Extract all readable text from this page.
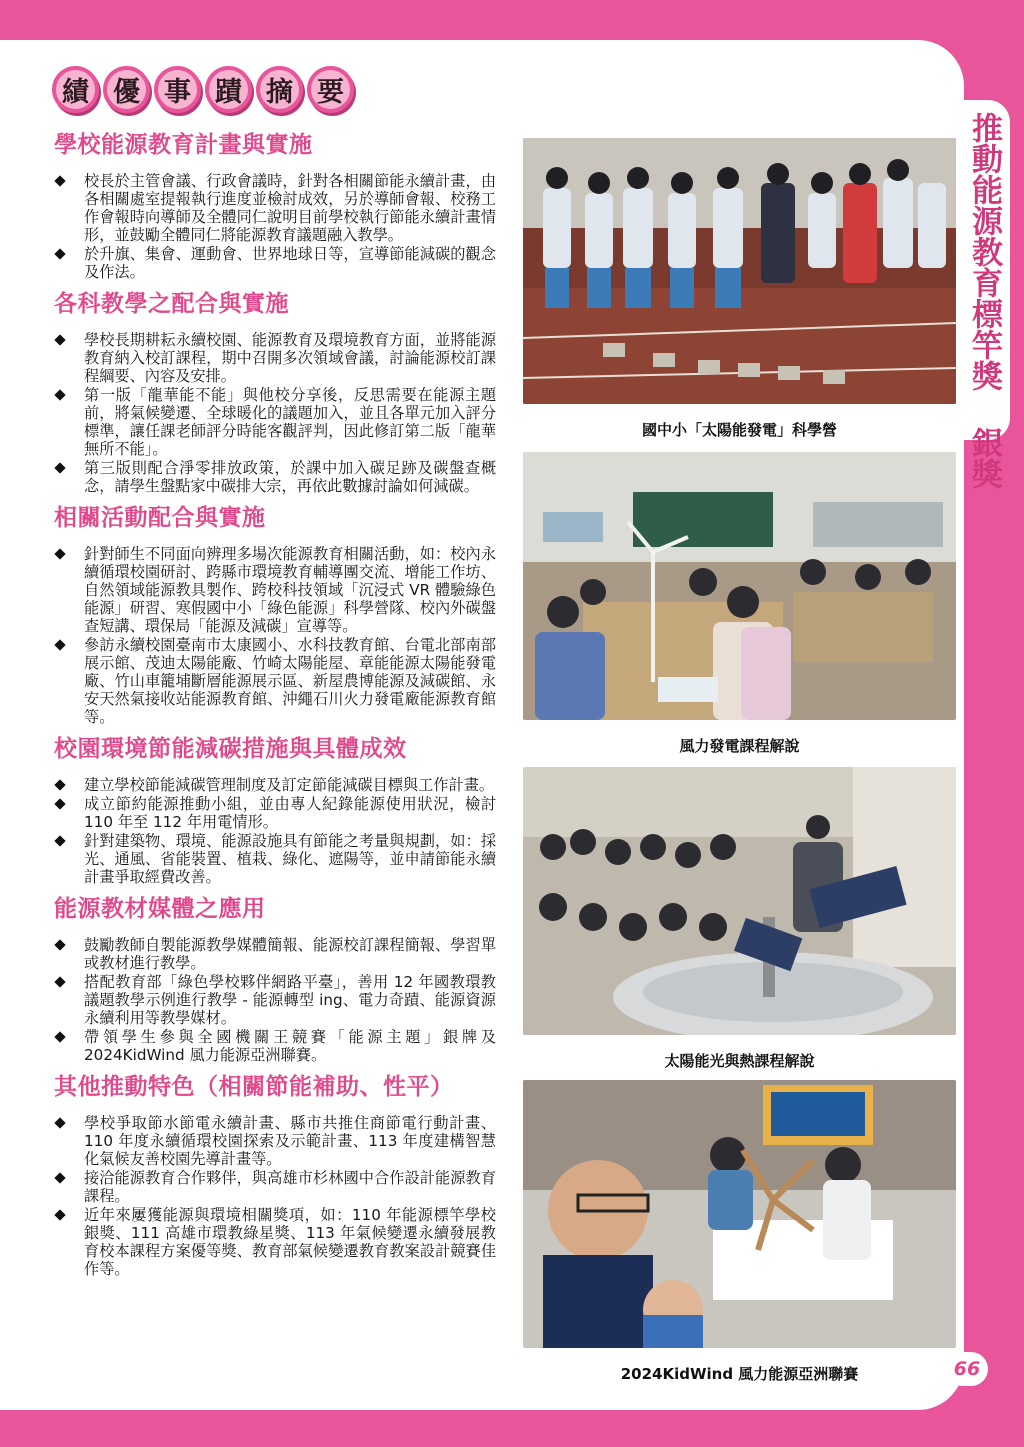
推動能源教育標竿獎 銀獎
績 優 事 蹟 摘 要
學校能源教育計畫與實施
校長於主管會議、行政會議時，針對各相關節能永續計畫，由各相關處室提報執行進度並檢討成效，另於導師會報、校務工作會報時向導師及全體同仁說明目前學校執行節能永續計畫情形，並鼓勵全體同仁將能源教育議題融入教學。
於升旗、集會、運動會、世界地球日等，宣導節能減碳的觀念及作法。
各科教學之配合與實施
學校長期耕耘永續校園、能源教育及環境教育方面，並將能源教育納入校訂課程，期中召開多次領域會議，討論能源校訂課程綱要、內容及安排。
第一版「龍華能不能」與他校分享後，反思需要在能源主題前，將氣候變遷、全球暖化的議題加入，並且各單元加入評分標準，讓任課老師評分時能客觀評判，因此修訂第二版「龍華無所不能」。
第三版則配合淨零排放政策，於課中加入碳足跡及碳盤查概念，請學生盤點家中碳排大宗，再依此數據討論如何減碳。
相關活動配合與實施
針對師生不同面向辨理多場次能源教育相關活動，如：校內永續循環校園研討、跨縣市環境教育輔導團交流、增能工作坊、自然領域能源教具製作、跨校科技領域「沉浸式 VR 體驗綠色能源」研習、寒假國中小「綠色能源」科學營隊、校內外碳盤查短講、環保局「能源及減碳」宣導等。
參訪永續校園臺南市太康國小、水科技教育館、台電北部南部展示館、茂迪太陽能廠、竹崎太陽能屋、章能能源太陽能發電廠、竹山車籠埔斷層能源展示區、新屋農博能源及減碳館、永安天然氣接收站能源教育館、沖繩石川火力發電廠能源教育館等。
校園環境節能減碳措施與具體成效
建立學校節能減碳管理制度及訂定節能減碳目標與工作計畫。
成立節約能源推動小組，並由專人紀錄能源使用狀況，檢討 110 年至 112 年用電情形。
針對建築物、環境、能源設施具有節能之考量與規劃，如：採光、通風、省能裝置、植栽、綠化、遮陽等，並申請節能永續計畫爭取經費改善。
能源教材媒體之應用
鼓勵教師自製能源教學媒體簡報、能源校訂課程簡報、學習單或教材進行教學。
搭配教育部「綠色學校夥伴網路平臺」，善用 12 年國教環教議題教學示例進行教學 - 能源轉型 ing、電力奇蹟、能源資源永續利用等教學媒材。
帶領學生參與全國機關王競賽「能源主題」銀牌及 2024KidWind 風力能源亞洲聯賽。
其他推動特色（相關節能補助、性平）
學校爭取節水節電永續計畫、縣市共推住商節電行動計畫、110 年度永續循環校園探索及示範計畫、113 年度建構智慧化氣候友善校園先導計畫等。
接洽能源教育合作夥伴，與高雄市杉林國中合作設計能源教育課程。
近年來屢獲能源與環境相關獎項，如：110 年能源標竿學校銀獎、111 高雄市環教綠星獎、113 年氣候變遷永續發展教育校本課程方案優等獎、教育部氣候變遷教育教案設計競賽佳作等。
國中小「太陽能發電」科學營
風力發電課程解說
太陽能光與熱課程解說
2024KidWind 風力能源亞洲聯賽	66
